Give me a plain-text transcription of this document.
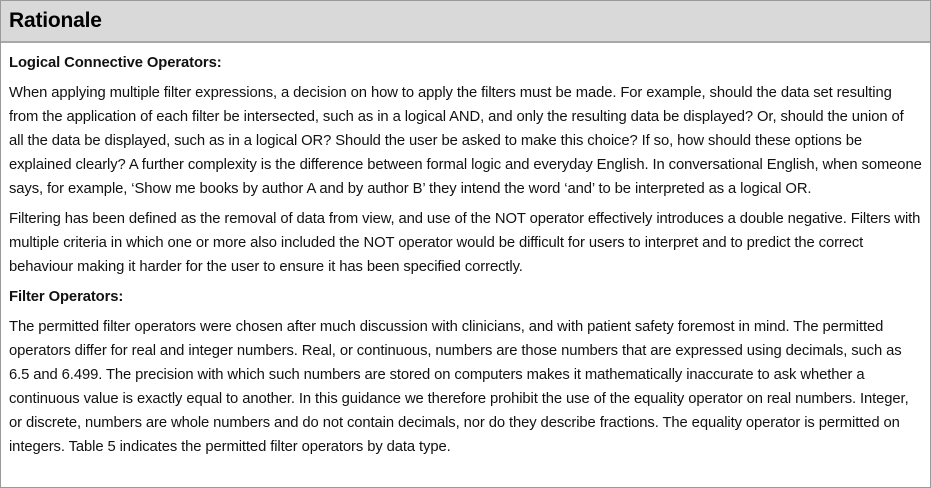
Rationale
Logical Connective Operators:

When applying multiple filter expressions, a decision on how to apply the filters must be made. For example, should the data set resulting from the application of each filter be intersected, such as in a logical AND, and only the resulting data be displayed? Or, should the union of all the data be displayed, such as in a logical OR? Should the user be asked to make this choice? If so, how should these options be explained clearly? A further complexity is the difference between formal logic and everyday English. In conversational English, when someone says, for example, ‘Show me books by author A and by author B’ they intend the word ‘and’ to be interpreted as a logical OR.

Filtering has been defined as the removal of data from view, and use of the NOT operator effectively introduces a double negative. Filters with multiple criteria in which one or more also included the NOT operator would be difficult for users to interpret and to predict the correct behaviour making it harder for the user to ensure it has been specified correctly.

Filter Operators:

The permitted filter operators were chosen after much discussion with clinicians, and with patient safety foremost in mind. The permitted operators differ for real and integer numbers. Real, or continuous, numbers are those numbers that are expressed using decimals, such as 6.5 and 6.499. The precision with which such numbers are stored on computers makes it mathematically inaccurate to ask whether a continuous value is exactly equal to another. In this guidance we therefore prohibit the use of the equality operator on real numbers. Integer, or discrete, numbers are whole numbers and do not contain decimals, nor do they describe fractions. The equality operator is permitted on integers. Table 5 indicates the permitted filter operators by data type.
